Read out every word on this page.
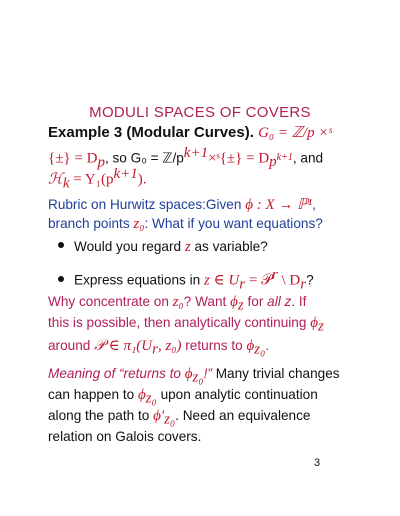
MODULI SPACES OF COVERS
Example 3 (Modular Curves). G₀ = ℤ/p ×ˢ
{±} = $D_p$, so $G_0 = ℤ/p^{k+1}\times ˢ\{\pm\} = D_{p^{k+1}}$, and
ℋ$_k$ = $Y_1(p^{k+1})$.
Rubric on Hurwitz spaces:Given ϕ : X → ℙ¹,
branch points z₀: What if you want equations?
Would you regard z as variable?
Express equations in z ∈ $U_r$ = 𝒫$^r$ \ $D_r$?
Why concentrate on z₀? Want $\phi_z$ for all z. If
this is possible, then analytically continuing $\phi_z$
around 𝒫 ∈ $\pi_1(U_r$, z₀) returns to $\phi_{z_0}$.
Meaning of “returns to $\phi_{z_0}$!” Many trivial changes
can happen to $\phi_{z_0}$ upon analytic continuation
along the path to $\phi'_{z_0}$. Need an equivalence
relation on Galois covers.
3
